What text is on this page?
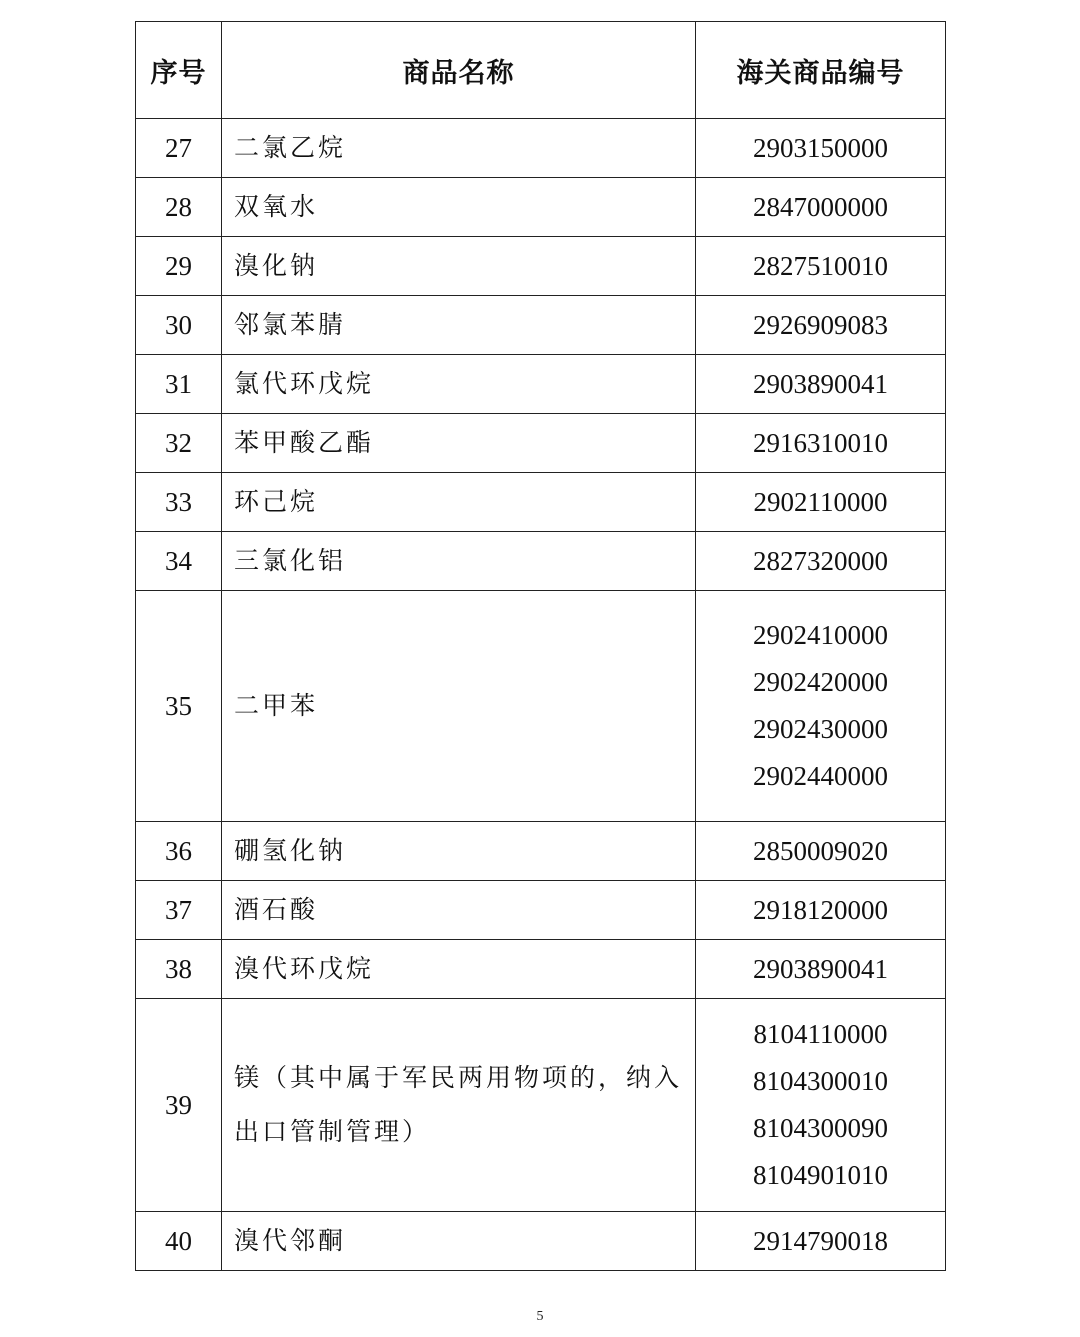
序号	商品名称	海关商品编号
27	二氯乙烷	2903150000

28	双氧水	2847000000

29	溴化钠	2827510010

30	邻氯苯腈	2926909083

31	氯代环戊烷	2903890041

32	苯甲酸乙酯	2916310010

33	环己烷	2902110000

34	三氯化铝	2827320000

35	二甲苯	2902410000
2902420000
2902430000
2902440000

36	硼氢化钠	2850009020

37	酒石酸	2918120000

38	溴代环戊烷	2903890041

39	镁（其中属于军民两用物项的，纳入出口管制管理）	8104110000
8104300010
8104300090
8104901010

40	溴代邻酮	2914790018
5
